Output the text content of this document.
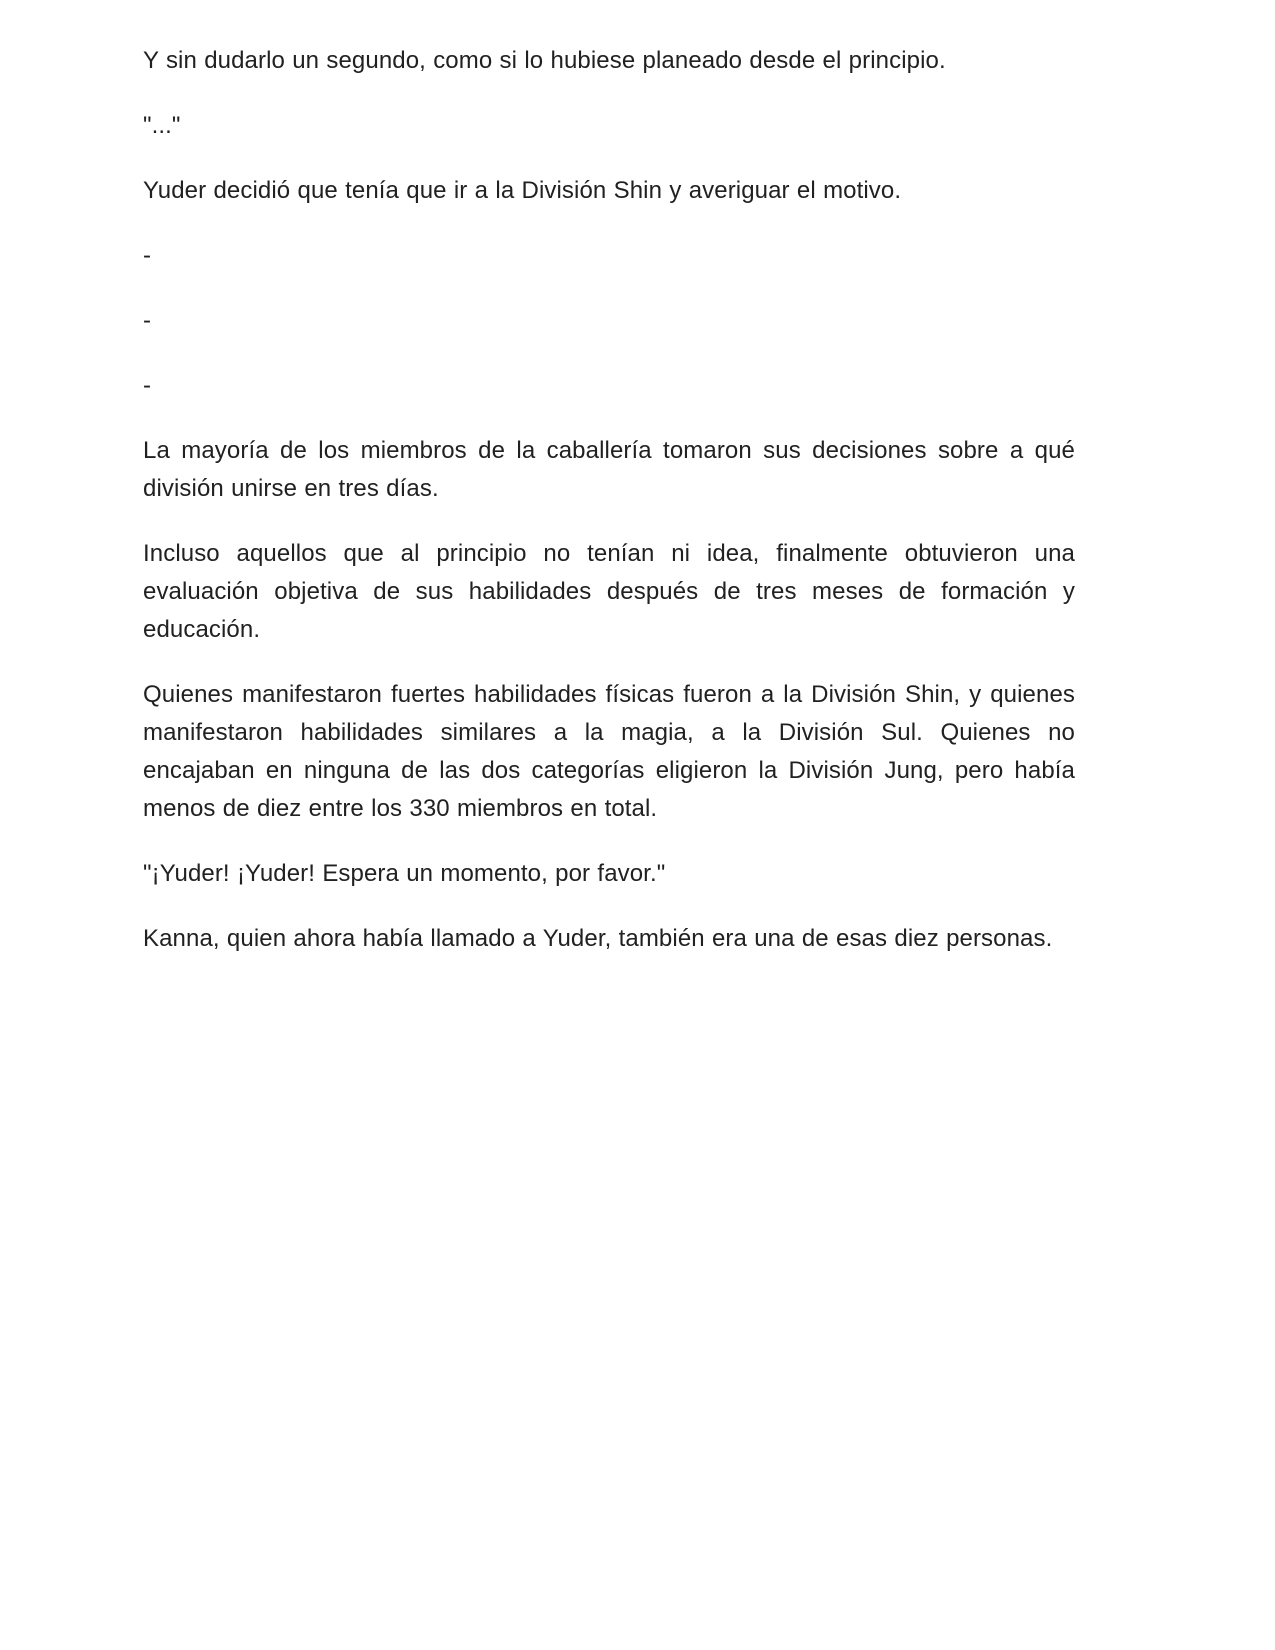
Y sin dudarlo un segundo, como si lo hubiese planeado desde el principio.

"..."

Yuder decidió que tenía que ir a la División Shin y averiguar el motivo.

-

-

-

La mayoría de los miembros de la caballería tomaron sus decisiones sobre a qué división unirse en tres días.

Incluso aquellos que al principio no tenían ni idea, finalmente obtuvieron una evaluación objetiva de sus habilidades después de tres meses de formación y educación.

Quienes manifestaron fuertes habilidades físicas fueron a la División Shin, y quienes manifestaron habilidades similares a la magia, a la División Sul. Quienes no encajaban en ninguna de las dos categorías eligieron la División Jung, pero había menos de diez entre los 330 miembros en total.

"¡Yuder! ¡Yuder! Espera un momento, por favor."

Kanna, quien ahora había llamado a Yuder, también era una de esas diez personas.
